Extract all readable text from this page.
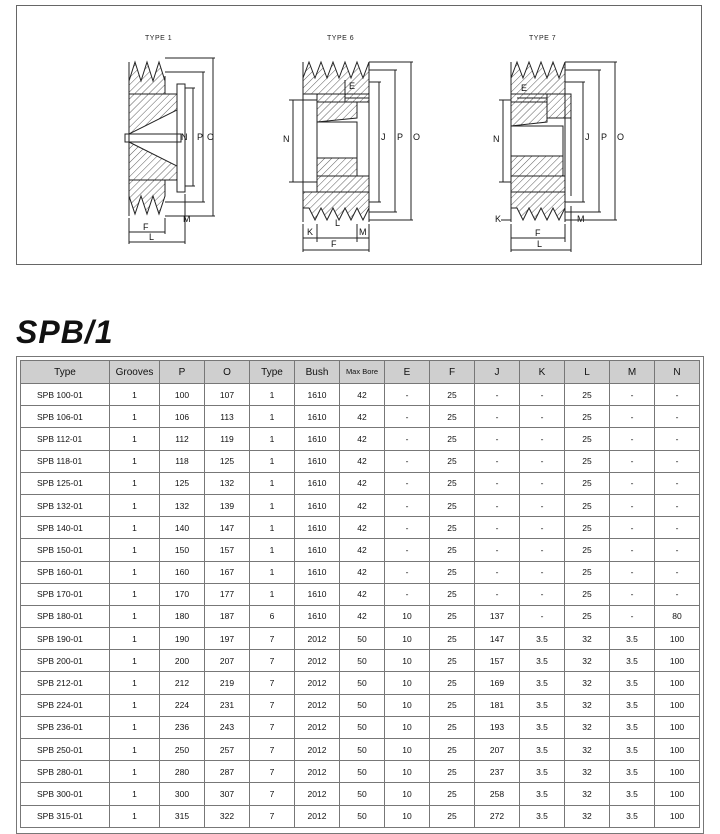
TYPE 1
N P O
F
L
M
TYPE 6
E
N	J P O
K
L
M
F
TYPE 7
E
N	J P O
K	M
F
L
SPB/1
Type	Grooves	P	O	Type	Bush	Max Bore	E	F	J	K	L	M	N
SPB 100-01	1	100	107	1	1610	42	-	25	-	-	25	-	-
SPB 106-01	1	106	113	1	1610	42	-	25	-	-	25	-	-
SPB 112-01	1	112	119	1	1610	42	-	25	-	-	25	-	-
SPB 118-01	1	118	125	1	1610	42	-	25	-	-	25	-	-
SPB 125-01	1	125	132	1	1610	42	-	25	-	-	25	-	-
SPB 132-01	1	132	139	1	1610	42	-	25	-	-	25	-	-
SPB 140-01	1	140	147	1	1610	42	-	25	-	-	25	-	-
SPB 150-01	1	150	157	1	1610	42	-	25	-	-	25	-	-
SPB 160-01	1	160	167	1	1610	42	-	25	-	-	25	-	-
SPB 170-01	1	170	177	1	1610	42	-	25	-	-	25	-	-
SPB 180-01	1	180	187	6	1610	42	10	25	137	-	25	-	80
SPB 190-01	1	190	197	7	2012	50	10	25	147	3.5	32	3.5	100
SPB 200-01	1	200	207	7	2012	50	10	25	157	3.5	32	3.5	100
SPB 212-01	1	212	219	7	2012	50	10	25	169	3.5	32	3.5	100
SPB 224-01	1	224	231	7	2012	50	10	25	181	3.5	32	3.5	100
SPB 236-01	1	236	243	7	2012	50	10	25	193	3.5	32	3.5	100
SPB 250-01	1	250	257	7	2012	50	10	25	207	3.5	32	3.5	100
SPB 280-01	1	280	287	7	2012	50	10	25	237	3.5	32	3.5	100
SPB 300-01	1	300	307	7	2012	50	10	25	258	3.5	32	3.5	100
SPB 315-01	1	315	322	7	2012	50	10	25	272	3.5	32	3.5	100
